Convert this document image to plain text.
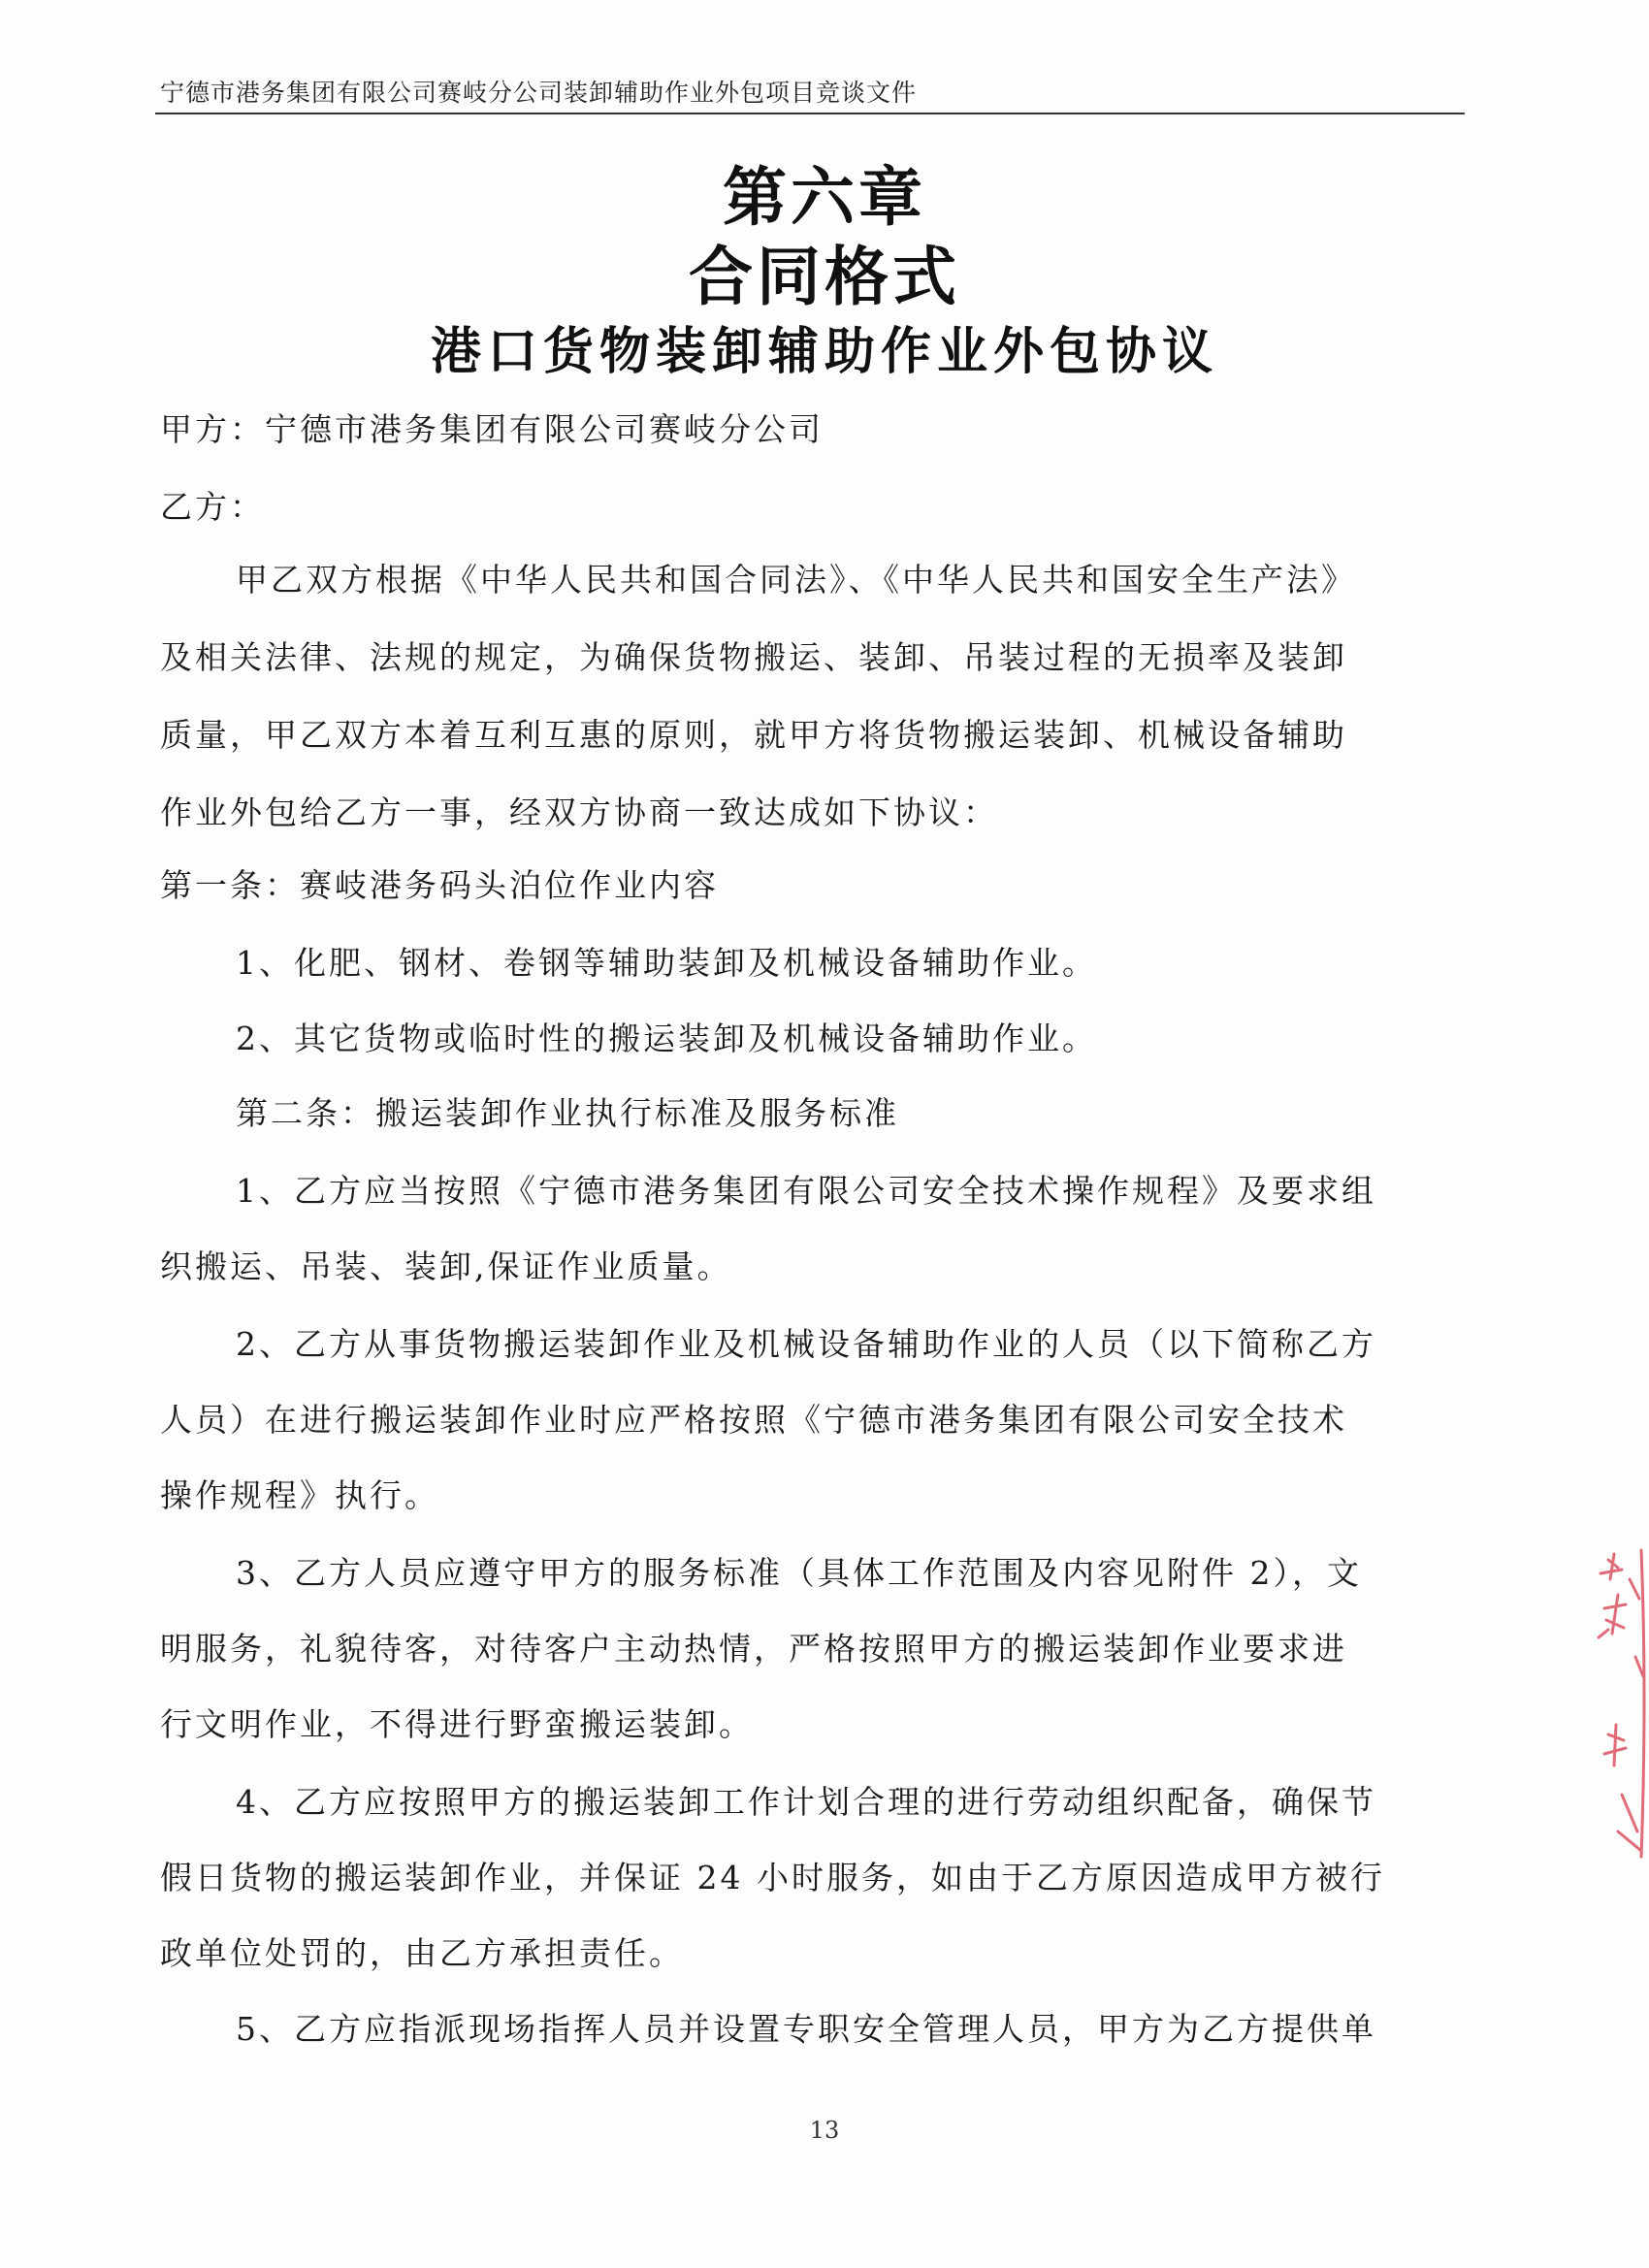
宁德市港务集团有限公司赛岐分公司装卸辅助作业外包项目竞谈文件
第六章
合同格式
港口货物装卸辅助作业外包协议
甲方：宁德市港务集团有限公司赛岐分公司
乙方：
甲乙双方根据《中华人民共和国合同法》、《中华人民共和国安全生产法》
及相关法律、法规的规定，为确保货物搬运、装卸、吊装过程的无损率及装卸
质量，甲乙双方本着互利互惠的原则，就甲方将货物搬运装卸、机械设备辅助
作业外包给乙方一事，经双方协商一致达成如下协议：
第一条：赛岐港务码头泊位作业内容
1、化肥、钢材、卷钢等辅助装卸及机械设备辅助作业。
2、其它货物或临时性的搬运装卸及机械设备辅助作业。
第二条：搬运装卸作业执行标准及服务标准
1、乙方应当按照《宁德市港务集团有限公司安全技术操作规程》及要求组
织搬运、吊装、装卸,保证作业质量。
2、乙方从事货物搬运装卸作业及机械设备辅助作业的人员（以下简称乙方
人员）在进行搬运装卸作业时应严格按照《宁德市港务集团有限公司安全技术
操作规程》执行。
3、乙方人员应遵守甲方的服务标准（具体工作范围及内容见附件 2），文
明服务，礼貌待客，对待客户主动热情，严格按照甲方的搬运装卸作业要求进
行文明作业，不得进行野蛮搬运装卸。
4、乙方应按照甲方的搬运装卸工作计划合理的进行劳动组织配备，确保节
假日货物的搬运装卸作业，并保证 24 小时服务，如由于乙方原因造成甲方被行
政单位处罚的，由乙方承担责任。
5、乙方应指派现场指挥人员并设置专职安全管理人员，甲方为乙方提供单
13
